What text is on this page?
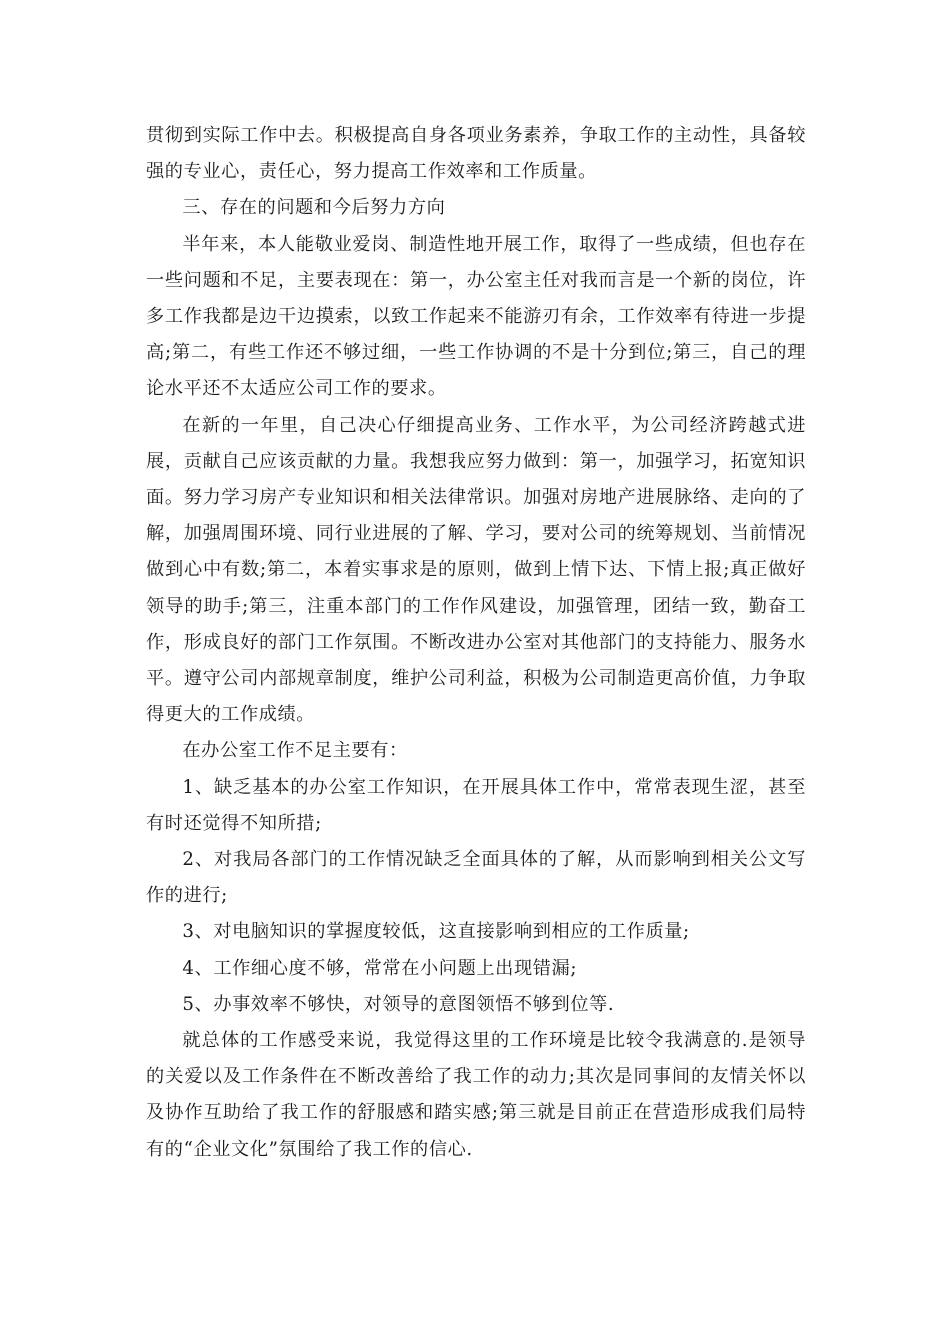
贯彻到实际工作中去。积极提高自身各项业务素养，争取工作的主动性，具备较强的专业心，责任心，努力提高工作效率和工作质量。

三、存在的问题和今后努力方向

半年来，本人能敬业爱岗、制造性地开展工作，取得了一些成绩，但也存在一些问题和不足，主要表现在：第一，办公室主任对我而言是一个新的岗位，许多工作我都是边干边摸索，以致工作起来不能游刃有余，工作效率有待进一步提高;第二，有些工作还不够过细，一些工作协调的不是十分到位;第三，自己的理论水平还不太适应公司工作的要求。

在新的一年里，自己决心仔细提高业务、工作水平，为公司经济跨越式进展，贡献自己应该贡献的力量。我想我应努力做到：第一，加强学习，拓宽知识面。努力学习房产专业知识和相关法律常识。加强对房地产进展脉络、走向的了解，加强周围环境、同行业进展的了解、学习，要对公司的统筹规划、当前情况做到心中有数;第二，本着实事求是的原则，做到上情下达、下情上报;真正做好领导的助手;第三，注重本部门的工作作风建设，加强管理，团结一致，勤奋工作，形成良好的部门工作氛围。不断改进办公室对其他部门的支持能力、服务水平。遵守公司内部规章制度，维护公司利益，积极为公司制造更高价值，力争取得更大的工作成绩。

在办公室工作不足主要有：

1、缺乏基本的办公室工作知识，在开展具体工作中，常常表现生涩，甚至有时还觉得不知所措;

2、对我局各部门的工作情况缺乏全面具体的了解，从而影响到相关公文写作的进行;

3、对电脑知识的掌握度较低，这直接影响到相应的工作质量;

4、工作细心度不够，常常在小问题上出现错漏;

5、办事效率不够快，对领导的意图领悟不够到位等.

就总体的工作感受来说，我觉得这里的工作环境是比较令我满意的.是领导的关爱以及工作条件在不断改善给了我工作的动力;其次是同事间的友情关怀以及协作互助给了我工作的舒服感和踏实感;第三就是目前正在营造形成我们局特有的“企业文化”氛围给了我工作的信心.
